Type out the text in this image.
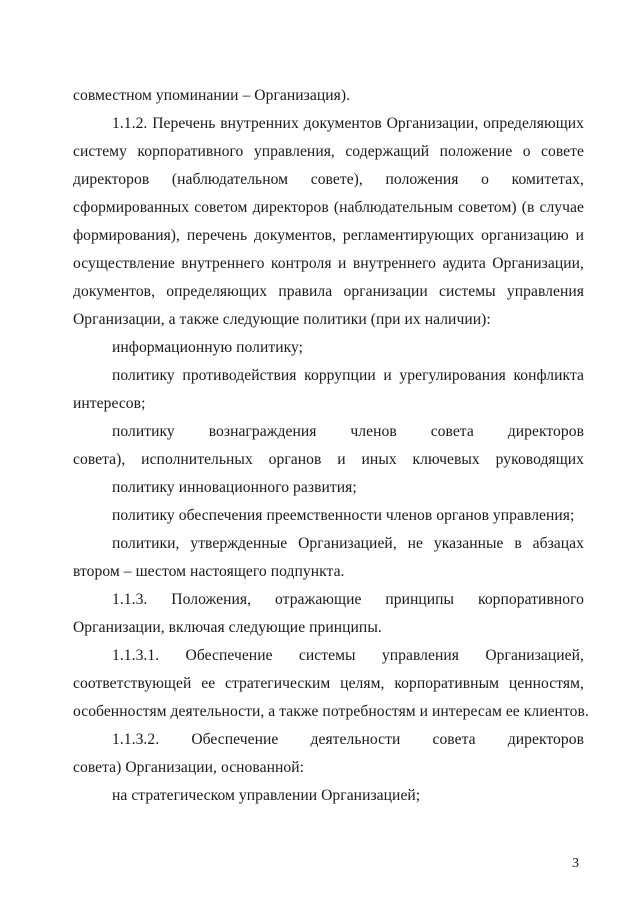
совместном упоминании – Организация).
1.1.2. Перечень внутренних документов Организации, определяющих
систему корпоративного управления, содержащий положение о совете
директоров (наблюдательном совете), положения о комитетах,
сформированных советом директоров (наблюдательным советом) (в случае
формирования), перечень документов, регламентирующих организацию и
осуществление внутреннего контроля и внутреннего аудита Организации,
документов, определяющих правила организации системы управления
Организации, а также следующие политики (при их наличии):
информационную политику;
политику противодействия коррупции и урегулирования конфликта
интересов;
политику вознаграждения членов совета директоров
совета), исполнительных органов и иных ключевых руководящих
политику инновационного развития;
политику обеспечения преемственности членов органов управления;
политики, утвержденные Организацией, не указанные в абзацах
втором – шестом настоящего подпункта.
1.1.3. Положения, отражающие принципы корпоративного
Организации, включая следующие принципы.
1.1.3.1. Обеспечение системы управления Организацией,
соответствующей ее стратегическим целям, корпоративным ценностям,
особенностям деятельности, а также потребностям и интересам ее клиентов.
1.1.3.2. Обеспечение деятельности совета директоров
совета) Организации, основанной:
на стратегическом управлении Организацией;
3
